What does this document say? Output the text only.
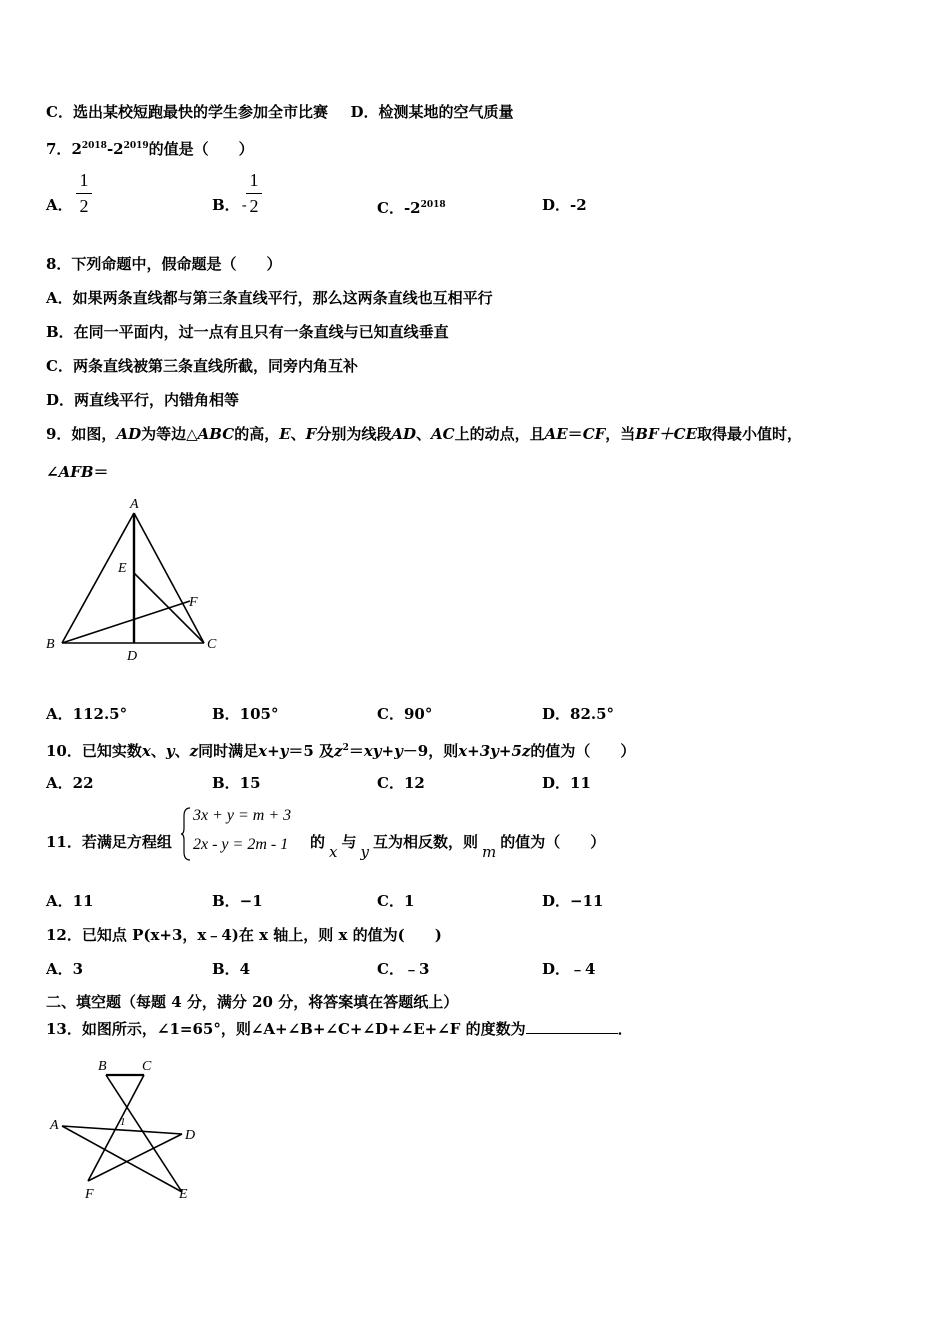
C．选出某校短跑最快的学生参加全市比赛 D．检测某地的空气质量
7．$2^{2018}-2^{2019}$的值是（　　）
A．
1
2	B． -
1
2	C．$-2^{2018}$	D．-2
8．下列命题中，假命题是（　　）
A．如果两条直线都与第三条直线平行，那么这两条直线也互相平行
B．在同一平面内，过一点有且只有一条直线与已知直线垂直
C．两条直线被第三条直线所截，同旁内角互补
D．两直线平行，内错角相等
9．如图，AD为等边△ABC的高，E、F分别为线段AD、AC上的动点，且AE＝CF，当BF＋CE取得最小值时，
∠AFB＝
A
E
F
B
D
C
A．112.5°	B．105°	C．90°	D．82.5°
10．已知实数x、y、z同时满足x+y＝5 及$z^2=xy+y-9$，则x+3y+5z的值为（　　）
A．22	B．15	C．12	D．11
11．若满足方程组
3x + y = m + 3
2x - y = 2m - 1 的x与y互为相反数，则m的值为（　　）
A．11	B．−1	C．1	D．−11
12．已知点 P(x+3，x﹣4)在 x 轴上，则 x 的值为(　　)
A．3	B．4	C．﹣3	D．﹣4
二、填空题（每题 4 分，满分 20 分，将答案填在答题纸上）
13．如图所示，∠1=65°，则∠A+∠B+∠C+∠D+∠E+∠F 的度数为	．
B	C
A	1
D
F	E
